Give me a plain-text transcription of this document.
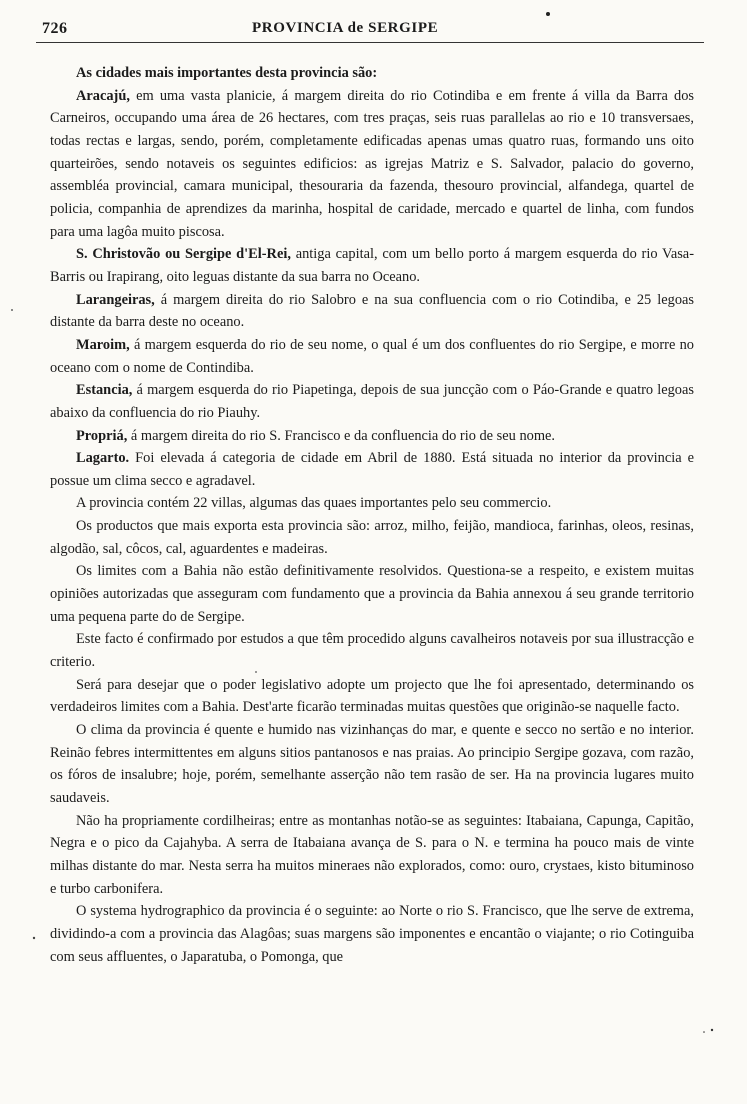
726	PROVINCIA de SERGIPE

As cidades mais importantes desta provincia são:

Aracajú, em uma vasta planicie, á margem direita do rio Cotindiba e em frente á villa da Barra dos Carneiros, occupando uma área de 26 hectares, com tres praças, seis ruas parallelas ao rio e 10 transversaes, todas rectas e largas, sendo, porém, completamente edificadas apenas umas quatro ruas, formando uns oito quarteirões, sendo notaveis os seguintes edificios: as igrejas Matriz e S. Salvador, palacio do governo, assembléa provincial, camara municipal, thesouraria da fazenda, thesouro provincial, alfandega, quartel de policia, companhia de aprendizes da marinha, hospital de caridade, mercado e quartel de linha, com fundos para uma lagôa muito piscosa.

S. Christovão ou Sergipe d'El-Rei, antiga capital, com um bello porto á margem esquerda do rio Vasa-Barris ou Irapirang, oito leguas distante da sua barra no Oceano.

Larangeiras, á margem direita do rio Salobro e na sua confluencia com o rio Cotindiba, e 25 legoas distante da barra deste no oceano.

Maroim, á margem esquerda do rio de seu nome, o qual é um dos confluentes do rio Sergipe, e morre no oceano com o nome de Contindiba.

Estancia, á margem esquerda do rio Piapetinga, depois de sua juncção com o Páo-Grande e quatro legoas abaixo da confluencia do rio Piauhy.

Propriá, á margem direita do rio S. Francisco e da confluencia do rio de seu nome.

Lagarto. Foi elevada á categoria de cidade em Abril de 1880. Está situada no interior da provincia e possue um clima secco e agradavel.

A provincia contém 22 villas, algumas das quaes importantes pelo seu commercio.

Os productos que mais exporta esta provincia são: arroz, milho, feijão, mandioca, farinhas, oleos, resinas, algodão, sal, côcos, cal, aguardentes e madeiras.

Os limites com a Bahia não estão definitivamente resolvidos. Questiona-se a respeito, e existem muitas opiniões autorizadas que asseguram com fundamento que a provincia da Bahia annexou á seu grande territorio uma pequena parte do de Sergipe.

Este facto é confirmado por estudos a que têm procedido alguns cavalheiros notaveis por sua illustracção e criterio.

Será para desejar que o poder legislativo adopte um projecto que lhe foi apresentado, determinando os verdadeiros limites com a Bahia. Dest'arte ficarão terminadas muitas questões que originão-se naquelle facto.

O clima da provincia é quente e humido nas vizinhanças do mar, e quente e secco no sertão e no interior. Reinão febres intermittentes em alguns sitios pantanosos e nas praias. Ao principio Sergipe gozava, com razão, os fóros de insalubre; hoje, porém, semelhante asserção não tem rasão de ser. Ha na provincia lugares muito saudaveis.

Não ha propriamente cordilheiras; entre as montanhas notão-se as seguintes: Itabaiana, Capunga, Capitão, Negra e o pico da Cajahyba. A serra de Itabaiana avança de S. para o N. e termina ha pouco mais de vinte milhas distante do mar. Nesta serra ha muitos mineraes não explorados, como: ouro, crystaes, kisto bituminoso e turbo carbonifera.

O systema hydrographico da provincia é o seguinte: ao Norte o rio S. Francisco, que lhe serve de extrema, dividindo-a com a provincia das Alagôas; suas margens são imponentes e encantão o viajante; o rio Cotinguiba com seus affluentes, o Japaratuba, o Pomonga, que
